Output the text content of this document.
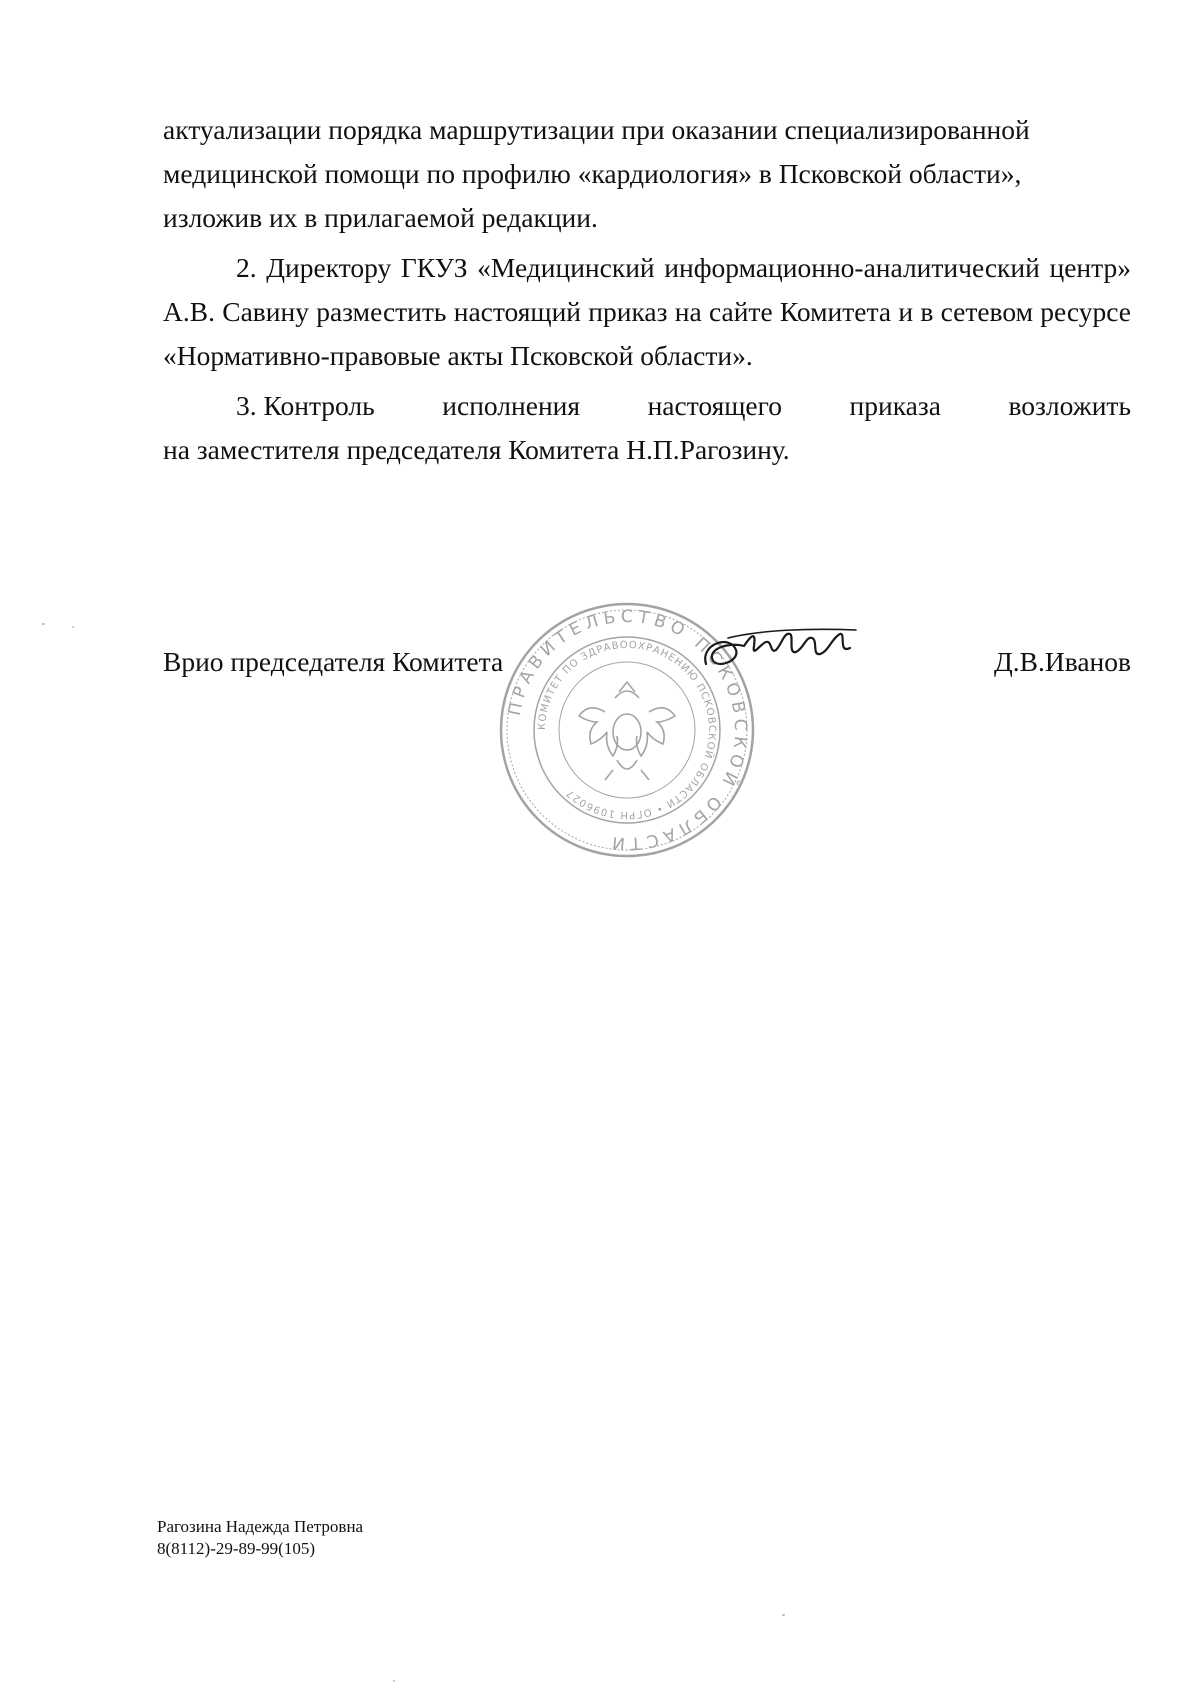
актуализации порядка маршрутизации при оказании специализированной

медицинской помощи по профилю «кардиология» в Псковской области»,

изложив их в прилагаемой редакции.

2. Директору ГКУЗ «Медицинский информационно-аналитический центр» А.В. Савину разместить настоящий приказ на сайте Комитета и в сетевом ресурсе «Нормативно-правовые акты Псковской области».

3. Контроль исполнения настоящего приказа возложить

на заместителя председателя Комитета Н.П.Рагозину.

Врио председателя Комитета	Д.В.Иванов
ПРАВИТЕЛЬСТВО ПСКОВСКОЙ ОБЛАСТИ
КОМИТЕТ ПО ЗДРАВООХРАНЕНИЮ ПСКОВСКОЙ ОБЛАСТИ • ОГРН 1096027
Рагозина Надежда Петровна
8(8112)-29-89-99(105)
